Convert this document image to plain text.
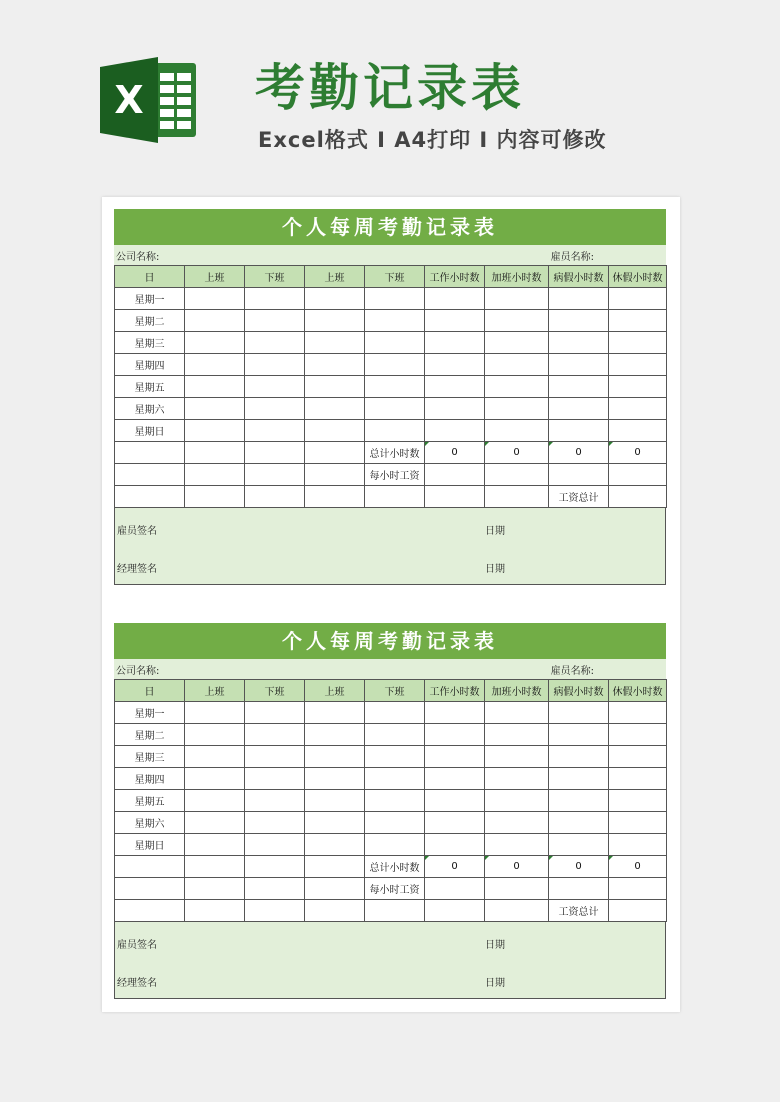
X 考勤记录表
Excel格式 I A4打印 I 内容可修改
个人每周考勤记录表
公司名称:	雇员名称:
日	上班	下班	上班	下班	工作小时数	加班小时数	病假小时数	休假小时数
星期一								
星期二								
星期三								
星期四								
星期五								
星期六								
星期日								
				总计小时数	0	0	0	0
				每小时工资				
							工资总计	
雇员签名	日期
经理签名	日期
个人每周考勤记录表
公司名称:	雇员名称:
日	上班	下班	上班	下班	工作小时数	加班小时数	病假小时数	休假小时数
星期一								
星期二								
星期三								
星期四								
星期五								
星期六								
星期日								
				总计小时数	0	0	0	0
				每小时工资				
							工资总计	
雇员签名	日期
经理签名	日期
